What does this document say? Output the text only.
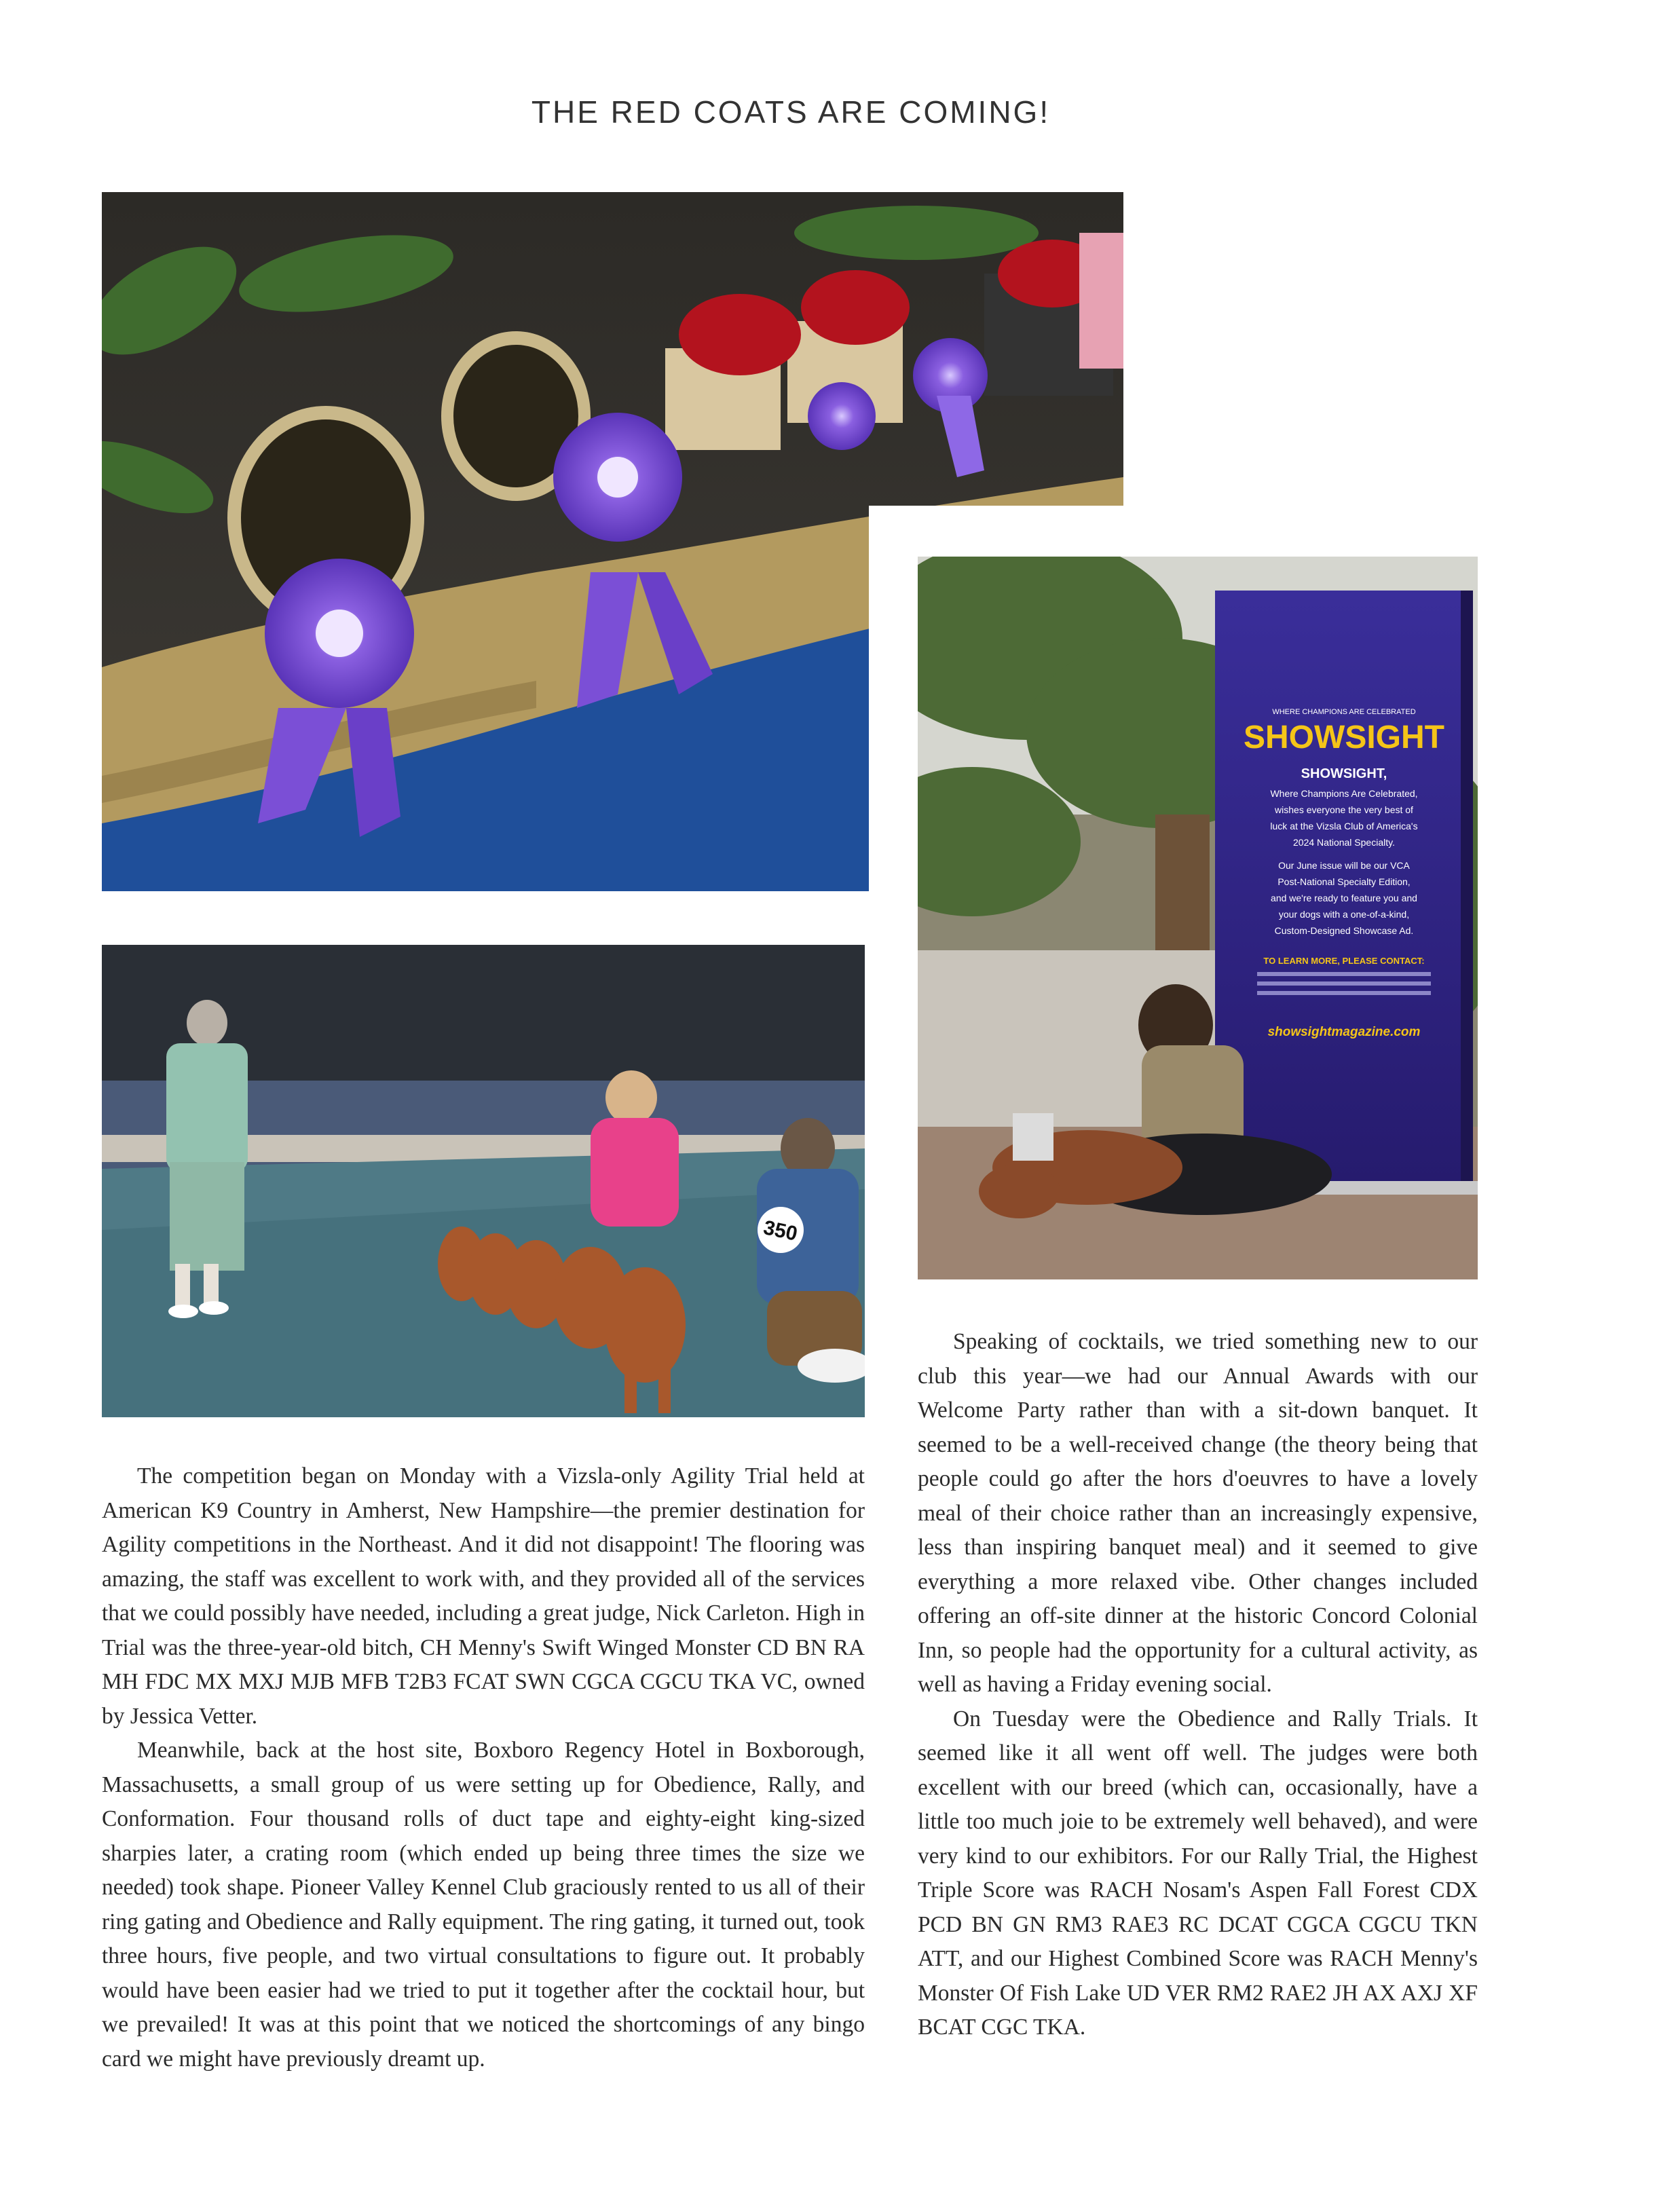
THE RED COATS ARE COMING!
WHERE CHAMPIONS ARE CELEBRATED
SHOWSIGHT
SHOWSIGHT,
Where Champions Are Celebrated,
wishes everyone the very best of
luck at the Vizsla Club of America's
2024 National Specialty.
Our June issue will be our VCA
Post-National Specialty Edition,
and we're ready to feature you and
your dogs with a one-of-a-kind,
Custom-Designed Showcase Ad.
TO LEARN MORE, PLEASE CONTACT:
showsightmagazine.com
350

The competition began on Monday with a Vizsla-only Agility Trial held at American K9 Country in Amherst, New Hampshire—the premier destination for Agility competitions in the Northeast. And it did not disappoint! The flooring was amazing, the staff was excellent to work with, and they provided all of the services that we could possibly have needed, including a great judge, Nick Carleton. High in Trial was the three-year-old bitch, CH Menny's Swift Winged Monster CD BN RA MH FDC MX MXJ MJB MFB T2B3 FCAT SWN CGCA CGCU TKA VC, owned by Jessica Vetter.

Meanwhile, back at the host site, Boxboro Regency Hotel in Boxborough, Massachusetts, a small group of us were setting up for Obedience, Rally, and Conformation. Four thousand rolls of duct tape and eighty-eight king-sized sharpies later, a crating room (which ended up being three times the size we needed) took shape. Pioneer Valley Kennel Club graciously rented to us all of their ring gating and Obedience and Rally equipment. The ring gating, it turned out, took three hours, five people, and two virtual consultations to figure out. It probably would have been easier had we tried to put it together after the cocktail hour, but we prevailed! It was at this point that we noticed the shortcomings of any bingo card we might have previously dreamt up.

Speaking of cocktails, we tried something new to our club this year—we had our Annual Awards with our Welcome Party rather than with a sit-down banquet. It seemed to be a well-received change (the theory being that people could go after the hors d'oeuvres to have a lovely meal of their choice rather than an increasingly expensive, less than inspiring banquet meal) and it seemed to give everything a more relaxed vibe. Other changes included offering an off-site dinner at the historic Concord Colonial Inn, so people had the opportunity for a cultural activity, as well as having a Friday evening social.

On Tuesday were the Obedience and Rally Trials. It seemed like it all went off well. The judges were both excellent with our breed (which can, occasionally, have a little too much joie to be extremely well behaved), and were very kind to our exhibitors. For our Rally Trial, the Highest Triple Score was RACH Nosam's Aspen Fall Forest CDX PCD BN GN RM3 RAE3 RC DCAT CGCA CGCU TKN ATT, and our Highest Combined Score was RACH Menny's Monster Of Fish Lake UD VER RM2 RAE2 JH AX AXJ XF BCAT CGC TKA.
